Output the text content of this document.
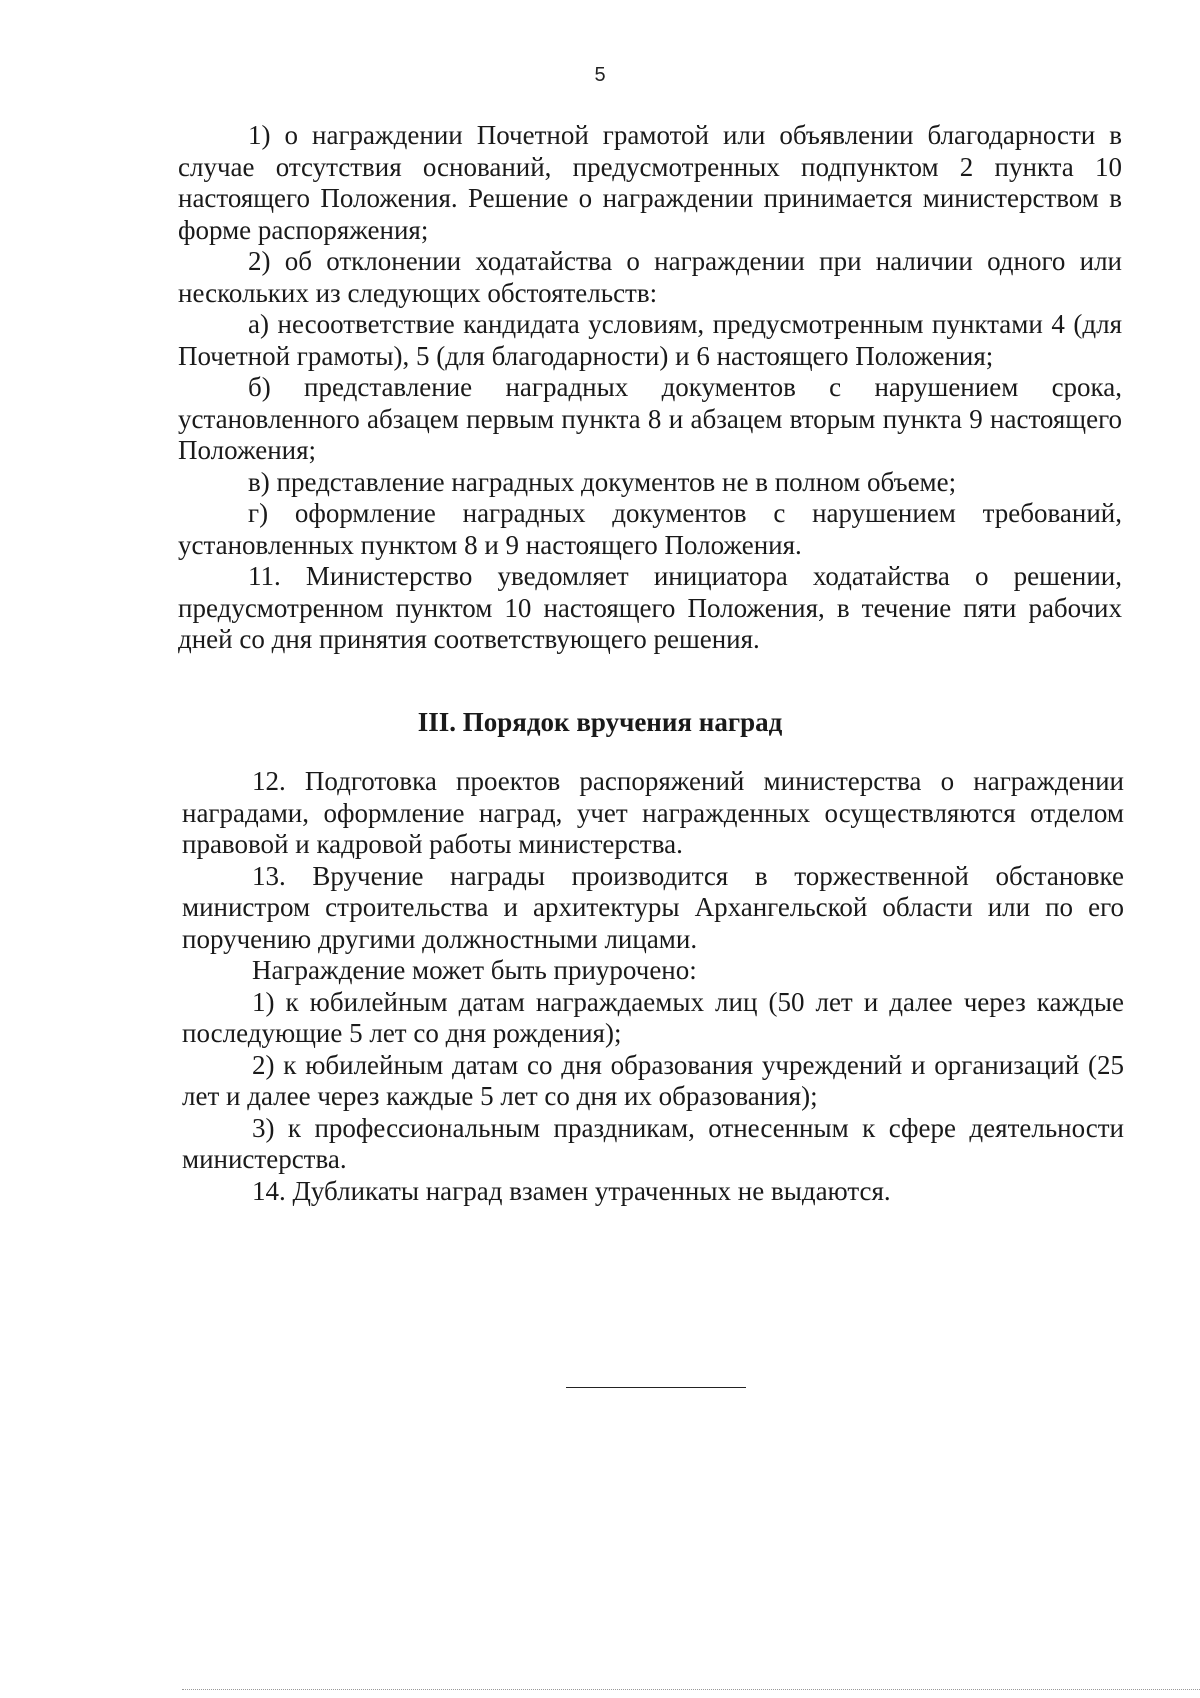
5

1) о награждении Почетной грамотой или объявлении благодарности в случае отсутствия оснований, предусмотренных подпунктом 2 пункта 10 настоящего Положения. Решение о награждении принимается министерством в форме распоряжения;

2) об отклонении ходатайства о награждении при наличии одного или нескольких из следующих обстоятельств:

а) несоответствие кандидата условиям, предусмотренным пунктами 4 (для Почетной грамоты), 5 (для благодарности) и 6 настоящего Положения;

б) представление наградных документов с нарушением срока, установленного абзацем первым пункта 8 и абзацем вторым пункта 9 настоящего Положения;

в) представление наградных документов не в полном объеме;

г) оформление наградных документов с нарушением требований, установленных пунктом 8 и 9 настоящего Положения.

11. Министерство уведомляет инициатора ходатайства о решении, предусмотренном пунктом 10 настоящего Положения, в течение пяти рабочих дней со дня принятия соответствующего решения.

III. Порядок вручения наград

12. Подготовка проектов распоряжений министерства о награждении наградами, оформление наград, учет награжденных осуществляются отделом правовой и кадровой работы министерства.

13. Вручение награды производится в торжественной обстановке министром строительства и архитектуры Архангельской области или по его поручению другими должностными лицами.

Награждение может быть приурочено:

1) к юбилейным датам награждаемых лиц (50 лет и далее через каждые последующие 5 лет со дня рождения);

2) к юбилейным датам со дня образования учреждений и организаций (25 лет и далее через каждые 5 лет со дня их образования);

3) к профессиональным праздникам, отнесенным к сфере деятельности министерства.

14. Дубликаты наград взамен утраченных не выдаются.
